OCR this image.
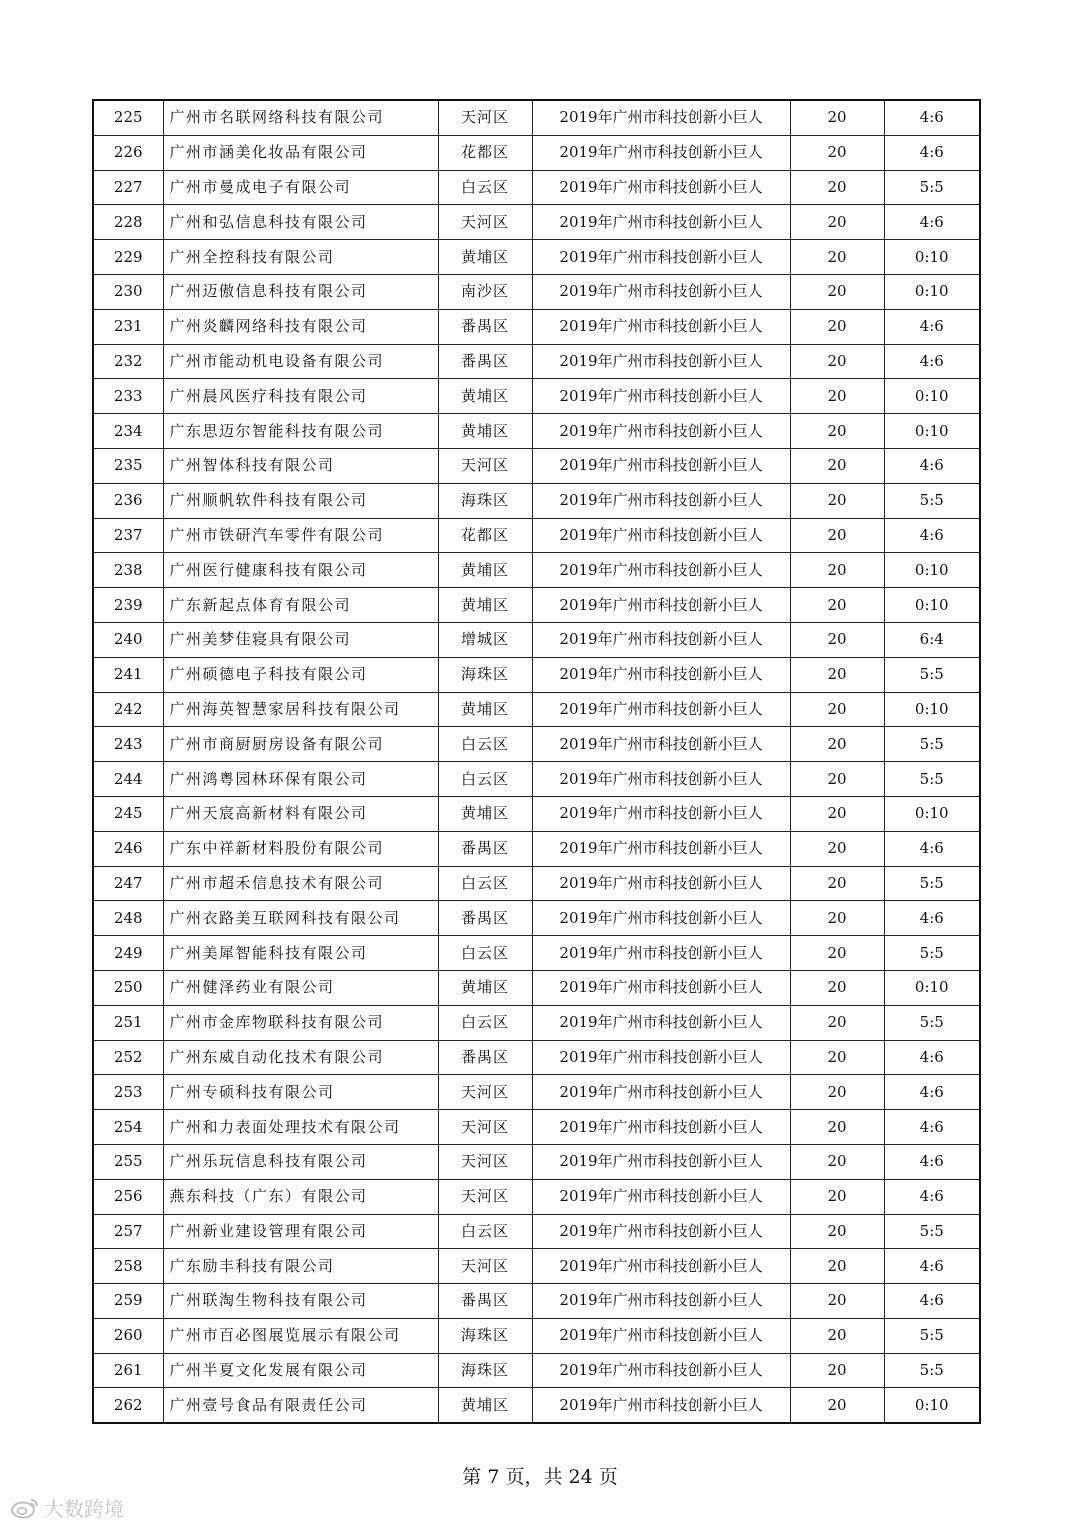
225	广州市名联网络科技有限公司	天河区	2019年广州市科技创新小巨人	20	4:6
226	广州市涵美化妆品有限公司	花都区	2019年广州市科技创新小巨人	20	4:6
227	广州市曼成电子有限公司	白云区	2019年广州市科技创新小巨人	20	5:5
228	广州和弘信息科技有限公司	天河区	2019年广州市科技创新小巨人	20	4:6
229	广州全控科技有限公司	黄埔区	2019年广州市科技创新小巨人	20	0:10
230	广州迈傲信息科技有限公司	南沙区	2019年广州市科技创新小巨人	20	0:10
231	广州炎麟网络科技有限公司	番禺区	2019年广州市科技创新小巨人	20	4:6
232	广州市能动机电设备有限公司	番禺区	2019年广州市科技创新小巨人	20	4:6
233	广州晨风医疗科技有限公司	黄埔区	2019年广州市科技创新小巨人	20	0:10
234	广东思迈尔智能科技有限公司	黄埔区	2019年广州市科技创新小巨人	20	0:10
235	广州智体科技有限公司	天河区	2019年广州市科技创新小巨人	20	4:6
236	广州顺帆软件科技有限公司	海珠区	2019年广州市科技创新小巨人	20	5:5
237	广州市铁研汽车零件有限公司	花都区	2019年广州市科技创新小巨人	20	4:6
238	广州医行健康科技有限公司	黄埔区	2019年广州市科技创新小巨人	20	0:10
239	广东新起点体育有限公司	黄埔区	2019年广州市科技创新小巨人	20	0:10
240	广州美梦佳寝具有限公司	增城区	2019年广州市科技创新小巨人	20	6:4
241	广州硕德电子科技有限公司	海珠区	2019年广州市科技创新小巨人	20	5:5
242	广州海英智慧家居科技有限公司	黄埔区	2019年广州市科技创新小巨人	20	0:10
243	广州市商厨厨房设备有限公司	白云区	2019年广州市科技创新小巨人	20	5:5
244	广州鸿粤园林环保有限公司	白云区	2019年广州市科技创新小巨人	20	5:5
245	广州天宸高新材料有限公司	黄埔区	2019年广州市科技创新小巨人	20	0:10
246	广东中祥新材料股份有限公司	番禺区	2019年广州市科技创新小巨人	20	4:6
247	广州市超禾信息技术有限公司	白云区	2019年广州市科技创新小巨人	20	5:5
248	广州衣路美互联网科技有限公司	番禺区	2019年广州市科技创新小巨人	20	4:6
249	广州美犀智能科技有限公司	白云区	2019年广州市科技创新小巨人	20	5:5
250	广州健泽药业有限公司	黄埔区	2019年广州市科技创新小巨人	20	0:10
251	广州市金库物联科技有限公司	白云区	2019年广州市科技创新小巨人	20	5:5
252	广州东威自动化技术有限公司	番禺区	2019年广州市科技创新小巨人	20	4:6
253	广州专硕科技有限公司	天河区	2019年广州市科技创新小巨人	20	4:6
254	广州和力表面处理技术有限公司	天河区	2019年广州市科技创新小巨人	20	4:6
255	广州乐玩信息科技有限公司	天河区	2019年广州市科技创新小巨人	20	4:6
256	燕东科技（广东）有限公司	天河区	2019年广州市科技创新小巨人	20	4:6
257	广州新业建设管理有限公司	白云区	2019年广州市科技创新小巨人	20	5:5
258	广东励丰科技有限公司	天河区	2019年广州市科技创新小巨人	20	4:6
259	广州联淘生物科技有限公司	番禺区	2019年广州市科技创新小巨人	20	4:6
260	广州市百必图展览展示有限公司	海珠区	2019年广州市科技创新小巨人	20	5:5
261	广州半夏文化发展有限公司	海珠区	2019年广州市科技创新小巨人	20	5:5
262	广州壹号食品有限责任公司	黄埔区	2019年广州市科技创新小巨人	20	0:10
第 7 页，共 24 页
大数跨境
